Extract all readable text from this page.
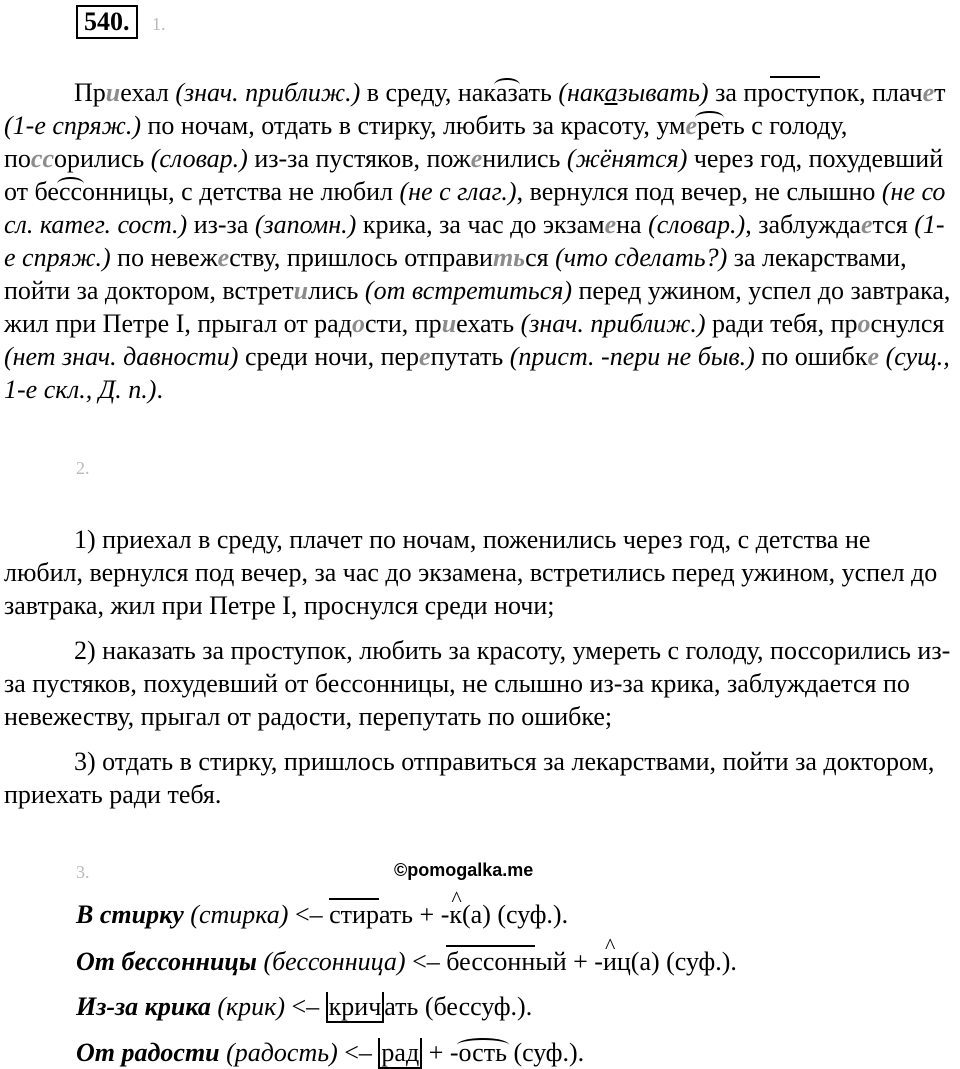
540.	1.

Приехал (знач. приближ.) в среду, наказать (наказывать) за проступок, плачет (1-е спряж.) по ночам, отдать в стирку, любить за красоту, умереть с голоду, поссорились (словар.) из-за пустяков, поженились (жёнятся) через год, похудевший от бессонницы, с детства не любил (не с глаг.), вернулся под вечер, не слышно (не со сл. катег. сост.) из-за (запомн.) крика, за час до экзамена (словар.), заблуждается (1-е спряж.) по невежеству, пришлось отправиться (что сделать?) за лекарствами, пойти за доктором, встретились (от встретиться) перед ужином, успел до завтрака, жил при Петре I, прыгал от радости, приехать (знач. приближ.) ради тебя, проснулся (нет знач. давности) среди ночи, перепутать (прист. -пери не быв.) по ошибке (сущ., 1-е скл., Д. п.).

2.

1) приехал в среду, плачет по ночам, поженились через год, с детства не любил, вернулся под вечер, за час до экзамена, встретились перед ужином, успел до завтрака, жил при Петре I, проснулся среди ночи;

2) наказать за проступок, любить за красоту, умереть с голоду, поссорились из-за пустяков, похудевший от бессонницы, не слышно из-за крика, заблуждается по невежеству, прыгал от радости, перепутать по ошибке;

3) отдать в стирку, пришлось отправиться за лекарствами, пойти за доктором, приехать ради тебя.

3.	©pomogalka.me
В стирку (стирка) <– стирать + -^ к(а) (суф.).
От бессонницы (бессонница) <– бессонный + -^ иц(а) (суф.).
Из-за крика (крик) <– крич ать (бессуф.).
От радости (радость) <– рад + -ость (суф.).
